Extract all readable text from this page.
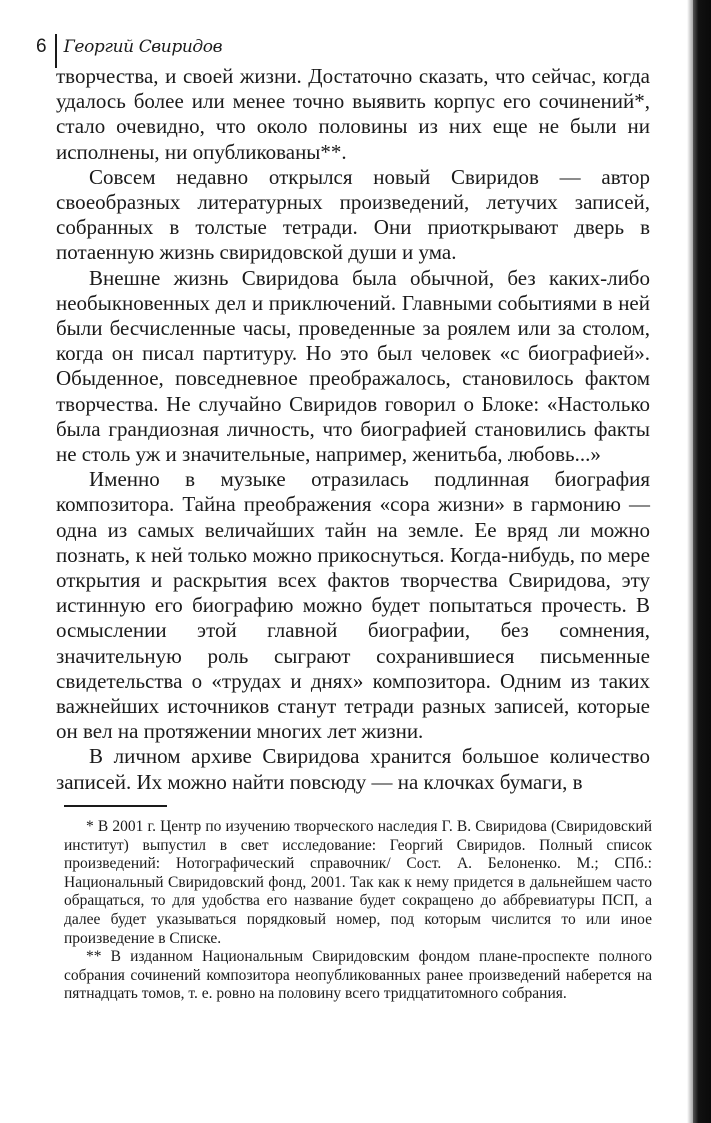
6 Георгий Свиридов

творчества, и своей жизни. Достаточно сказать, что сейчас, когда удалось более или менее точно выявить корпус его сочинений*, стало очевидно, что около половины из них еще не были ни исполнены, ни опубликованы**.

Совсем недавно открылся новый Свиридов — автор своеобразных литературных произведений, летучих записей, собранных в толстые тетради. Они приоткрывают дверь в потаенную жизнь свиридовской души и ума.

Внешне жизнь Свиридова была обычной, без каких-либо необыкновенных дел и приключений. Главными событиями в ней были бесчисленные часы, проведенные за роялем или за столом, когда он писал партитуру. Но это был человек «с биографией». Обыденное, повседневное преображалось, становилось фактом творчества. Не случайно Свиридов говорил о Блоке: «Настолько была грандиозная личность, что биографией становились факты не столь уж и значительные, например, женитьба, любовь...»

Именно в музыке отразилась подлинная биография композитора. Тайна преображения «сора жизни» в гармонию — одна из самых величайших тайн на земле. Ее вряд ли можно познать, к ней только можно прикоснуться. Когда-нибудь, по мере открытия и раскрытия всех фактов творчества Свиридова, эту истинную его биографию можно будет попытаться прочесть. В осмыслении этой главной биографии, без сомнения, значительную роль сыграют сохранившиеся письменные свидетельства о «трудах и днях» композитора. Одним из таких важнейших источников станут тетради разных записей, которые он вел на протяжении многих лет жизни.

В личном архиве Свиридова хранится большое количество записей. Их можно найти повсюду — на клочках бумаги, в

* В 2001 г. Центр по изучению творческого наследия Г. В. Свиридова (Свиридовский институт) выпустил в свет исследование: Георгий Свиридов. Полный список произведений: Нотографический справочник/ Сост. А. Белоненко. М.; СПб.: Национальный Свиридовский фонд, 2001. Так как к нему придется в дальнейшем часто обращаться, то для удобства его название будет сокращено до аббревиатуры ПСП, а далее будет указываться порядковый номер, под которым числится то или иное произведение в Списке.

** В изданном Национальным Свиридовским фондом плане-проспекте полного собрания сочинений композитора неопубликованных ранее произведений наберется на пятнадцать томов, т. е. ровно на половину всего тридцатитомного собрания.
